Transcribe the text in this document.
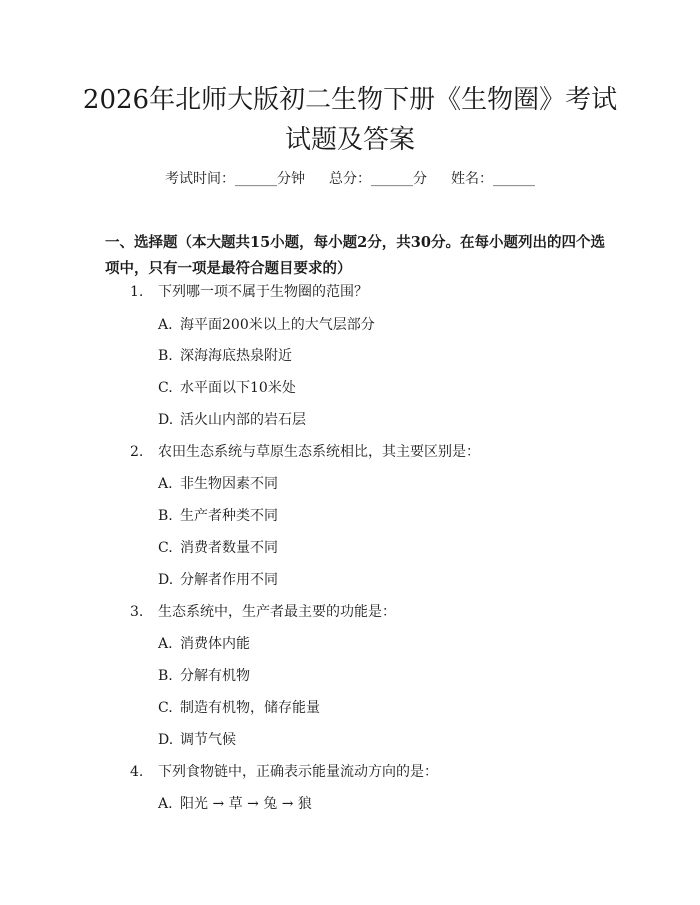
2026年北师大版初二生物下册《生物圈》考试试题及答案
考试时间：______分钟 总分：______分 姓名：______

一、选择题（本大题共15小题，每小题2分，共30分。在每小题列出的四个选项中，只有一项是最符合题目要求的）

1. 下列哪一项不属于生物圈的范围？
A. 海平面200米以上的大气层部分
B. 深海海底热泉附近
C. 水平面以下10米处
D. 活火山内部的岩石层
2. 农田生态系统与草原生态系统相比，其主要区别是：
A. 非生物因素不同
B. 生产者种类不同
C. 消费者数量不同
D. 分解者作用不同
3. 生态系统中，生产者最主要的功能是：
A. 消费体内能
B. 分解有机物
C. 制造有机物，储存能量
D. 调节气候
4. 下列食物链中，正确表示能量流动方向的是：
A. 阳光 → 草 → 兔 → 狼
